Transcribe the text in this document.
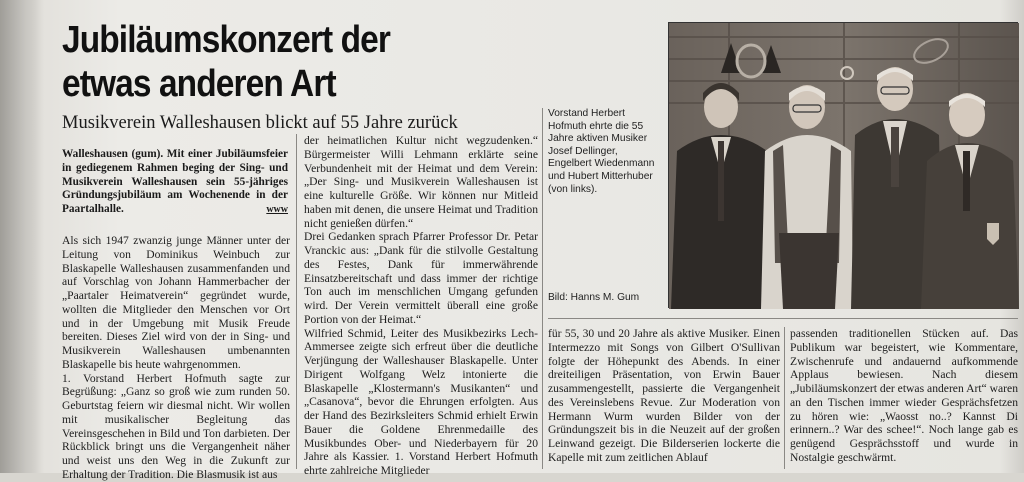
Jubiläumskonzert der etwas anderen Art
Musikverein Walleshausen blickt auf 55 Jahre zurück
Walleshausen (gum). Mit einer Jubiläumsfeier in gediegenem Rahmen beging der Sing- und Musikverein Walleshausen sein 55-jähriges Gründungsjubiläum am Wochenende in der Paartalhalle.	www
Als sich 1947 zwanzig junge Männer unter der Leitung von Dominikus Weinbuch zur Blaskapelle Walleshausen zusammenfanden und auf Vorschlag von Johann Hammerbacher der „Paartaler Heimatverein“ gegründet wurde, wollten die Mitglieder den Menschen vor Ort und in der Umgebung mit Musik Freude bereiten. Dieses Ziel wird von der in Sing- und Musikverein Walleshausen umbenannten Blaskapelle bis heute wahrgenommen.
1. Vorstand Herbert Hofmuth sagte zur Begrüßung: „Ganz so groß wie zum runden 50. Geburtstag feiern wir diesmal nicht. Wir wollen mit musikalischer Begleitung das Vereinsgeschehen in Bild und Ton darbieten. Der Rückblick bringt uns die Vergangenheit näher und weist uns den Weg in die Zukunft zur Erhaltung der Tradition. Die Blasmusik ist aus
der heimatlichen Kultur nicht wegzudenken.“ Bürgermeister Willi Lehmann erklärte seine Verbundenheit mit der Heimat und dem Verein: „Der Sing- und Musikverein Walleshausen ist eine kulturelle Größe. Wir können nur Mitleid haben mit denen, die unsere Heimat und Tradition nicht genießen dürfen.“
Drei Gedanken sprach Pfarrer Professor Dr. Petar Vranckic aus: „Dank für die stilvolle Gestaltung des Festes, Dank für immerwährende Einsatzbereitschaft und dass immer der richtige Ton auch im menschlichen Umgang gefunden wird. Der Verein vermittelt überall eine große Portion von der Heimat.“
Wilfried Schmid, Leiter des Musikbezirks Lech-Ammersee zeigte sich erfreut über die deutliche Verjüngung der Walleshauser Blaskapelle. Unter Dirigent Wolfgang Welz intonierte die Blaskapelle „Klostermann's Musikanten“ und „Casanova“, bevor die Ehrungen erfolgten. Aus der Hand des Bezirksleiters Schmid erhielt Erwin Bauer die Goldene Ehrenmedaille des Musikbundes Ober- und Niederbayern für 20 Jahre als Kassier. 1. Vorstand Herbert Hofmuth ehrte zahlreiche Mitglieder
Vorstand Herbert Hofmuth ehrte die 55 Jahre aktiven Musiker Josef Dellinger, Engelbert Wiedenmann und Hubert Mitterhuber (von links).
Bild: Hanns M. Gum
für 55, 30 und 20 Jahre als aktive Musiker. Einen Intermezzo mit Songs von Gilbert O'Sullivan folgte der Höhepunkt des Abends. In einer dreiteiligen Präsentation, von Erwin Bauer zusammengestellt, passierte die Vergangenheit des Vereinslebens Revue. Zur Moderation von Hermann Wurm wurden Bilder von der Gründungszeit bis in die Neuzeit auf der großen Leinwand gezeigt. Die Bilderserien lockerte die Kapelle mit zum zeitlichen Ablauf
passenden traditionellen Stücken auf. Das Publikum war begeistert, wie Kommentare, Zwischenrufe und andauernd aufkommende Applaus bewiesen. Nach diesem „Jubiläumskonzert der etwas anderen Art“ waren an den Tischen immer wieder Gesprächsfetzen zu hören wie: „Waosst no..? Kannst Di erinnern..? War des schee!“. Noch lange gab es genügend Gesprächsstoff und wurde in Nostalgie geschwärmt.
